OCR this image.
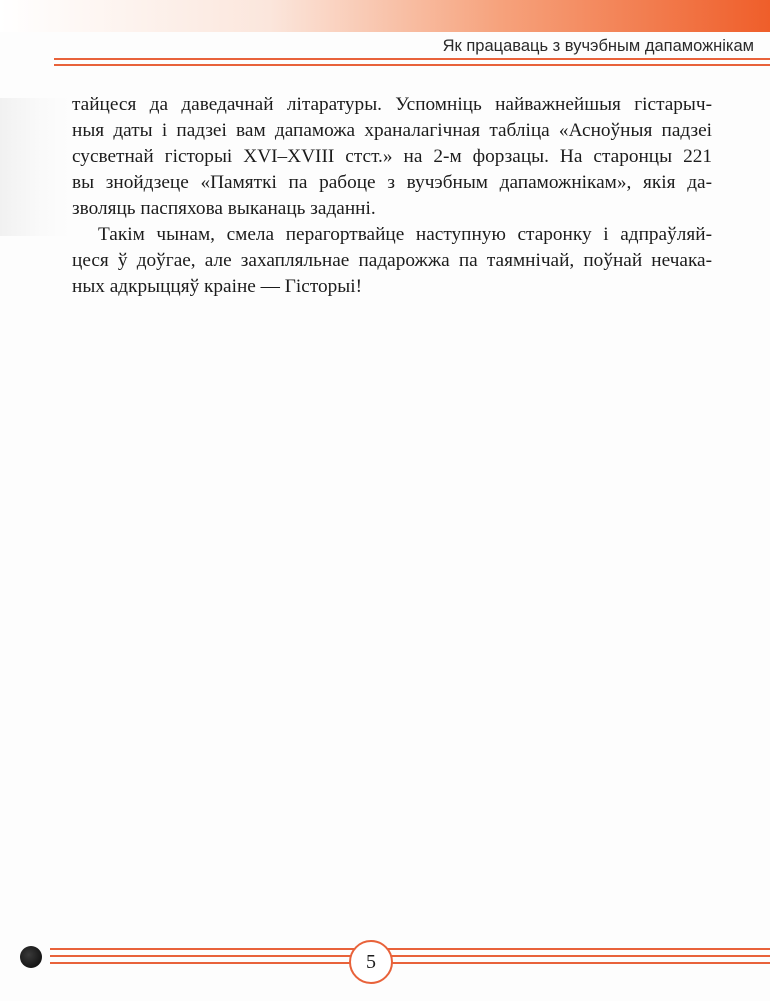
Як працаваць з вучэбным дапаможнікам
тайцеся да даведачнай літаратуры. Успомніць найважнейшыя гістарыч-
ныя даты і падзеі вам дапаможа храналагічная табліца «Асноўныя падзеі
сусветнай гісторыі XVI–XVIII стст.» на 2-м форзацы. На старонцы 221
вы знойдзеце «Памяткі па рабоце з вучэбным дапаможнікам», якія да-
зволяць паспяхова выканаць заданні.
Такім чынам, смела перагортвайце наступную старонку і адпраўляй-
цеся ў доўгае, але захапляльнае падарожжа па таямнічай, поўнай нечака-
ных адкрыццяў краіне — Гісторыі!
5
